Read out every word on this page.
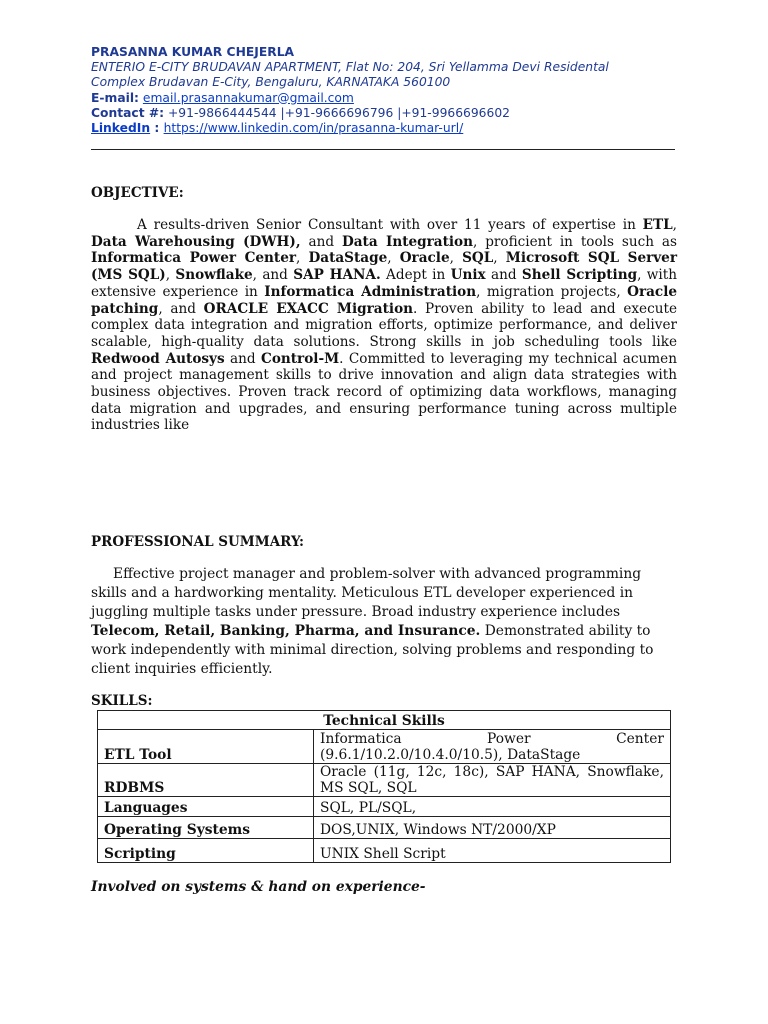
PRASANNA KUMAR CHEJERLA
ENTERIO E-CITY BRUDAVAN APARTMENT, Flat No: 204, Sri Yellamma Devi Residental
Complex Brudavan E-City, Bengaluru, KARNATAKA 560100
E-mail: email.prasannakumar@gmail.com
Contact #: +91-9866444544 |+91-9666696796 |+91-9966696602
LinkedIn : https://www.linkedin.com/in/prasanna-kumar-url/
OBJECTIVE:
A results-driven Senior Consultant with over 11 years of expertise in ETL, Data Warehousing (DWH), and Data Integration, proficient in tools such as Informatica Power Center, DataStage, Oracle, SQL, Microsoft SQL Server (MS SQL), Snowflake, and SAP HANA. Adept in Unix and Shell Scripting, with extensive experience in Informatica Administration, migration projects, Oracle patching, and ORACLE EXACC Migration. Proven ability to lead and execute complex data integration and migration efforts, optimize performance, and deliver scalable, high-quality data solutions. Strong skills in job scheduling tools like Redwood Autosys and Control-M. Committed to leveraging my technical acumen and project management skills to drive innovation and align data strategies with business objectives. Proven track record of optimizing data workflows, managing data migration and upgrades, and ensuring performance tuning across multiple industries like
PROFESSIONAL SUMMARY:
Effective project manager and problem-solver with advanced programming skills and a hardworking mentality. Meticulous ETL developer experienced in juggling multiple tasks under pressure. Broad industry experience includes Telecom, Retail, Banking, Pharma, and Insurance. Demonstrated ability to work independently with minimal direction, solving problems and responding to client inquiries efficiently.
SKILLS:
Technical Skills	
ETL Tool	Informatica Power Center (9.6.1/10.2.0/10.4.0/10.5), DataStage
RDBMS	Oracle (11g, 12c, 18c), SAP HANA, Snowflake, MS SQL, SQL
Languages	SQL, PL/SQL,
Operating Systems	DOS,UNIX, Windows NT/2000/XP
Scripting	UNIX Shell Script
Involved on systems & hand on experience-
